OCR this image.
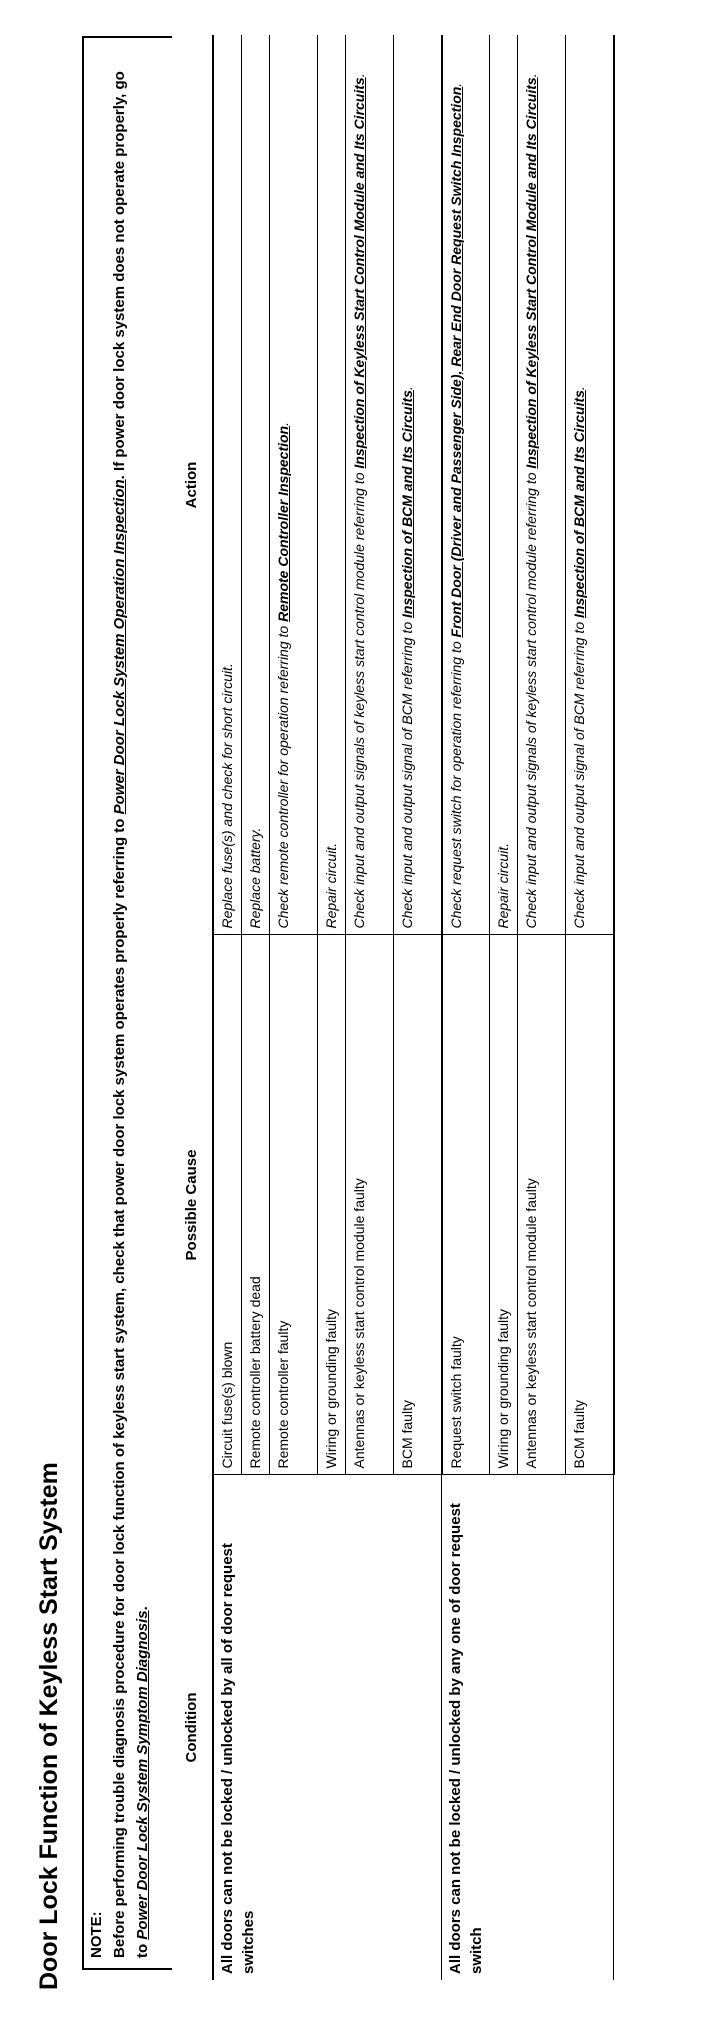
Door Lock Function of Keyless Start System NOTE: Before performing trouble diagnosis procedure for door lock function of keyless start system, check that power door lock system operates properly referring to Power Door Lock System Operation Inspection. If power door lock system does not operate properly, go to Power Door Lock System Symptom Diagnosis.
Condition	Possible Cause	Action
All doors can not be locked / unlocked by all of door request switches	Circuit fuse(s) blown	Replace fuse(s) and check for short circuit.
	Remote controller battery dead	Replace battery.
	Remote controller faulty	Check remote controller for operation referring to Remote Controller Inspection.
	Wiring or grounding faulty	Repair circuit.
	Antennas or keyless start control module faulty	Check input and output signals of keyless start control module referring to Inspection of Keyless Start Control Module and Its Circuits.
	BCM faulty	Check input and output signal of BCM referring to Inspection of BCM and Its Circuits.
All doors can not be locked / unlocked by any one of door request switch	Request switch faulty	Check request switch for operation referring to Front Door (Driver and Passenger Side), Rear End Door Request Switch Inspection.
	Wiring or grounding faulty	Repair circuit.
	Antennas or keyless start control module faulty	Check input and output signals of keyless start control module referring to Inspection of Keyless Start Control Module and Its Circuits.
	BCM faulty	Check input and output signal of BCM referring to Inspection of BCM and Its Circuits.
